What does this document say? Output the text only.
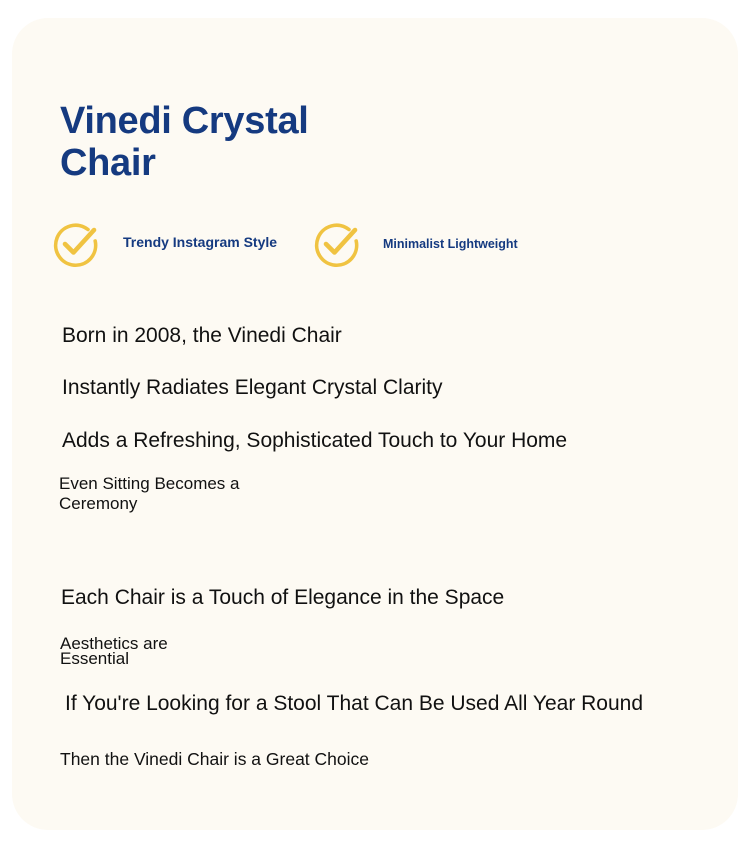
Vinedi Crystal Chair
Trendy Instagram Style	Minimalist Lightweight

Born in 2008, the Vinedi Chair

Instantly Radiates Elegant Crystal Clarity

Adds a Refreshing, Sophisticated Touch to Your Home

Even Sitting Becomes a Ceremony

Each Chair is a Touch of Elegance in the Space

Aesthetics are Essential

If You're Looking for a Stool That Can Be Used All Year Round

Then the Vinedi Chair is a Great Choice
